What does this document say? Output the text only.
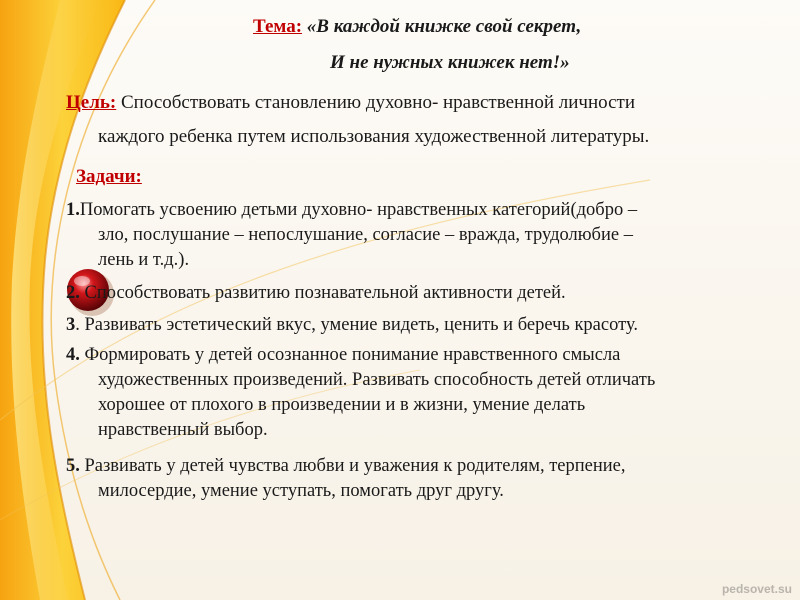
Тема: «В каждой книжке свой секрет,
И не нужных книжек нет!»
Цель: Способствовать становлению духовно- нравственной личности
каждого ребенка путем использования художественной литературы.
Задачи:
1.Помогать усвоению детьми духовно- нравственных категорий(добро –
зло, послушание – непослушание, согласие – вражда, трудолюбие –
лень и т.д.).
2. Способствовать развитию познавательной активности детей.
3. Развивать эстетический вкус, умение видеть, ценить и беречь красоту.
4. Формировать у детей осознанное понимание нравственного смысла
художественных произведений. Развивать способность детей отличать
хорошее от плохого в произведении и в жизни, умение делать
нравственный выбор.
5. Развивать у детей чувства любви и уважения к родителям, терпение,
милосердие, умение уступать, помогать друг другу.
pedsovet.su
